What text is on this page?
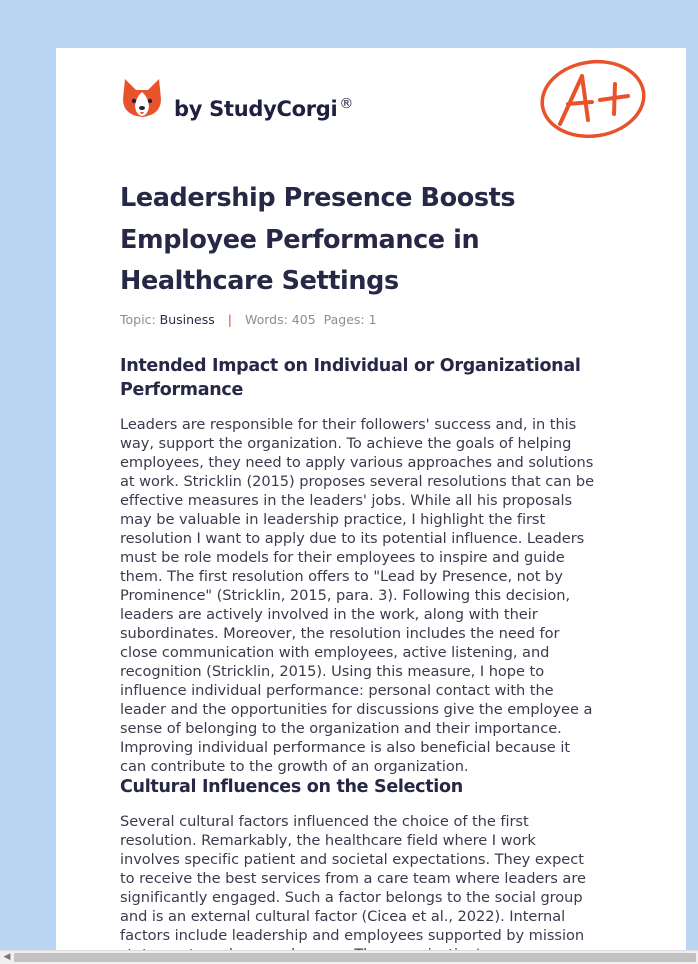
by StudyCorgi ®
Leadership Presence Boosts Employee Performance in Healthcare Settings
Topic: Business | Words: 405 Pages: 1
Intended Impact on Individual or Organizational Performance
Leaders are responsible for their followers' success and, in this
way, support the organization. To achieve the goals of helping
employees, they need to apply various approaches and solutions
at work. Stricklin (2015) proposes several resolutions that can be
effective measures in the leaders' jobs. While all his proposals
may be valuable in leadership practice, I highlight the first
resolution I want to apply due to its potential influence. Leaders
must be role models for their employees to inspire and guide
them. The first resolution offers to "Lead by Presence, not by
Prominence" (Stricklin, 2015, para. 3). Following this decision,
leaders are actively involved in the work, along with their
subordinates. Moreover, the resolution includes the need for
close communication with employees, active listening, and
recognition (Stricklin, 2015). Using this measure, I hope to
influence individual performance: personal contact with the
leader and the opportunities for discussions give the employee a
sense of belonging to the organization and their importance.
Improving individual performance is also beneficial because it
can contribute to the growth of an organization.
Cultural Influences on the Selection
Several cultural factors influenced the choice of the first
resolution. Remarkably, the healthcare field where I work
involves specific patient and societal expectations. They expect
to receive the best services from a care team where leaders are
significantly engaged. Such a factor belongs to the social group
and is an external cultural factor (Cicea et al., 2022). Internal
factors include leadership and employees supported by mission
◀
